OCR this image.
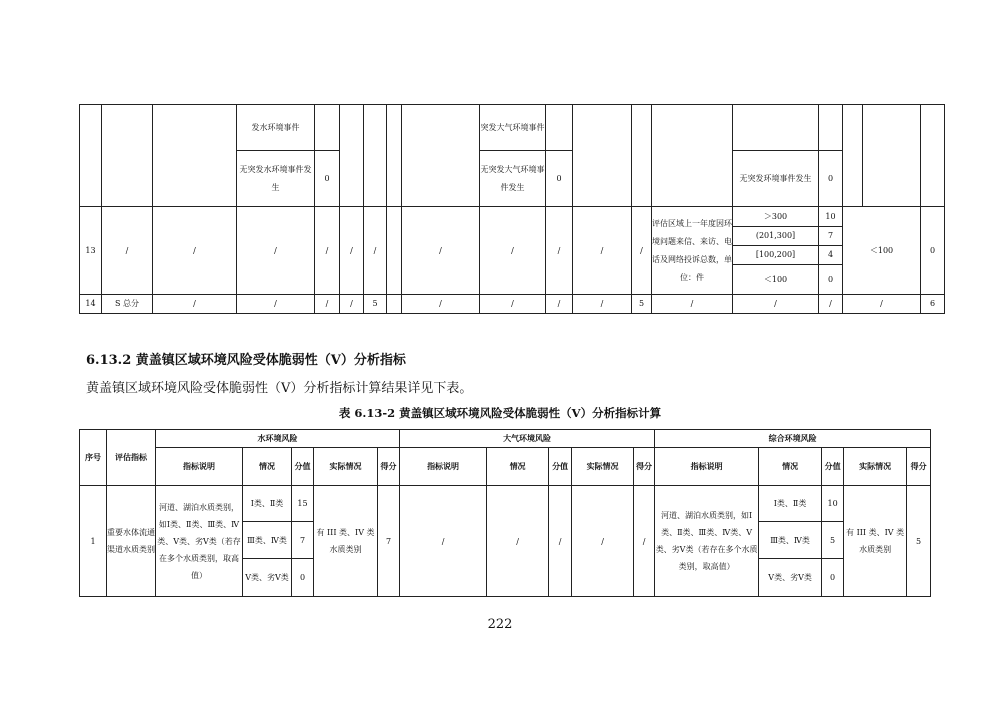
			发水环境事件						突发大气环境事件									
			无突发水环境事件发生	0					无突发大气环境事件发生	0				无突发环境事件发生	0			
13	/	/	/	/	/	/		/	/	/	/	/	评估区域上一年度因环境问题来信、来访、电话及网络投诉总数，单位：件	＞300	10	＜100		0
														(201,300]	7			
														[100,200]	4			
														＜100	0			
14	S 总分	/	/	/	/	5		/	/	/	/	5	/	/	/	/		6
6.13.2 黄盖镇区域环境风险受体脆弱性（V）分析指标

黄盖镇区域环境风险受体脆弱性（V）分析指标计算结果详见下表。

表 6.13-2 黄盖镇区域环境风险受体脆弱性（V）分析指标计算

序号	评估指标	水环境风险					大气环境风险					综合环境风险				
		指标说明	情况	分值	实际情况	得分	指标说明	情况	分值	实际情况	得分	指标说明	情况	分值	实际情况	得分
1	重要水体流通渠道水质类别	河道、湖泊水质类别，如Ⅰ类、Ⅱ类、Ⅲ类、Ⅳ类、Ⅴ类、劣Ⅴ类（若存在多个水质类别，取高值）	Ⅰ类、Ⅱ类	15	有 III 类、IV 类水质类别	7	/	/	/	/	/	河道、湖泊水质类别，如Ⅰ类、Ⅱ类、Ⅲ类、Ⅳ类、Ⅴ类、劣Ⅴ类（若存在多个水质类别，取高值）	Ⅰ类、Ⅱ类	10	有 III 类、IV 类水质类别	5
			Ⅲ类、Ⅳ类	7									Ⅲ类、Ⅳ类	5		
			Ⅴ类、劣Ⅴ类	0									Ⅴ类、劣Ⅴ类	0		
222
